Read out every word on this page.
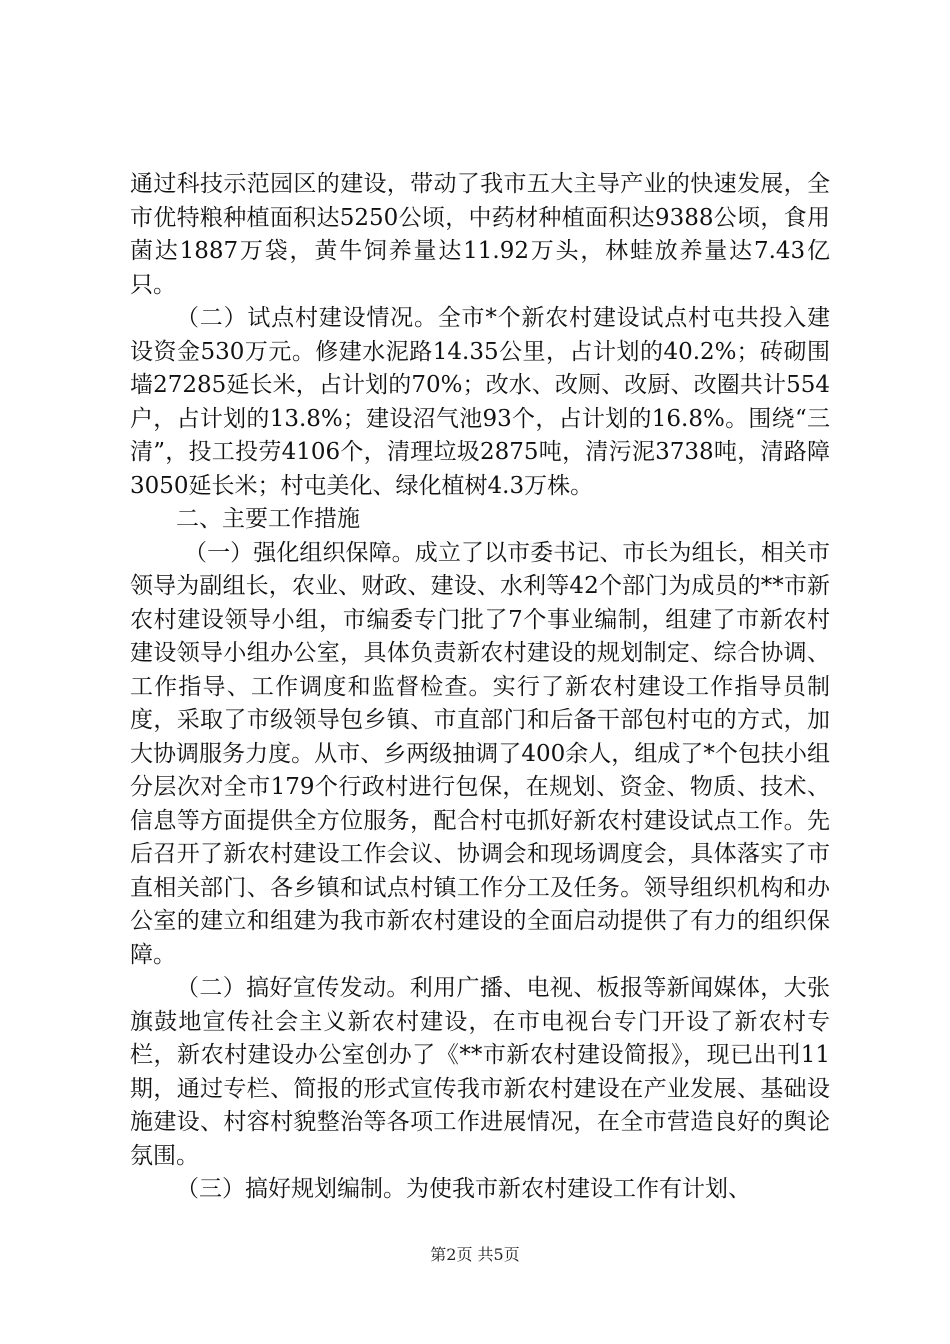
通过科技示范园区的建设，带动了我市五大主导产业的快速发展，全市优特粮种植面积达5250公顷，中药材种植面积达9388公顷，食用菌达1887万袋，黄牛饲养量达11.92万头，林蛙放养量达7.43亿只。

（二）试点村建设情况。全市*个新农村建设试点村屯共投入建设资金530万元。修建水泥路14.35公里，占计划的40.2%；砖砌围墙27285延长米，占计划的70%；改水、改厕、改厨、改圈共计554户，占计划的13.8%；建设沼气池93个，占计划的16.8%。围绕“三清”，投工投劳4106个，清理垃圾2875吨，清污泥3738吨，清路障3050延长米；村屯美化、绿化植树4.3万株。

二、主要工作措施

（一）强化组织保障。成立了以市委书记、市长为组长，相关市领导为副组长，农业、财政、建设、水利等42个部门为成员的**市新农村建设领导小组，市编委专门批了7个事业编制，组建了市新农村建设领导小组办公室，具体负责新农村建设的规划制定、综合协调、工作指导、工作调度和监督检查。实行了新农村建设工作指导员制度，采取了市级领导包乡镇、市直部门和后备干部包村屯的方式，加大协调服务力度。从市、乡两级抽调了400余人，组成了*个包扶小组分层次对全市179个行政村进行包保，在规划、资金、物质、技术、信息等方面提供全方位服务，配合村屯抓好新农村建设试点工作。先后召开了新农村建设工作会议、协调会和现场调度会，具体落实了市直相关部门、各乡镇和试点村镇工作分工及任务。领导组织机构和办公室的建立和组建为我市新农村建设的全面启动提供了有力的组织保障。

（二）搞好宣传发动。利用广播、电视、板报等新闻媒体，大张旗鼓地宣传社会主义新农村建设，在市电视台专门开设了新农村专栏，新农村建设办公室创办了《**市新农村建设简报》，现已出刊11期，通过专栏、简报的形式宣传我市新农村建设在产业发展、基础设施建设、村容村貌整治等各项工作进展情况，在全市营造良好的舆论氛围。

（三）搞好规划编制。为使我市新农村建设工作有计划、

第2页 共5页
